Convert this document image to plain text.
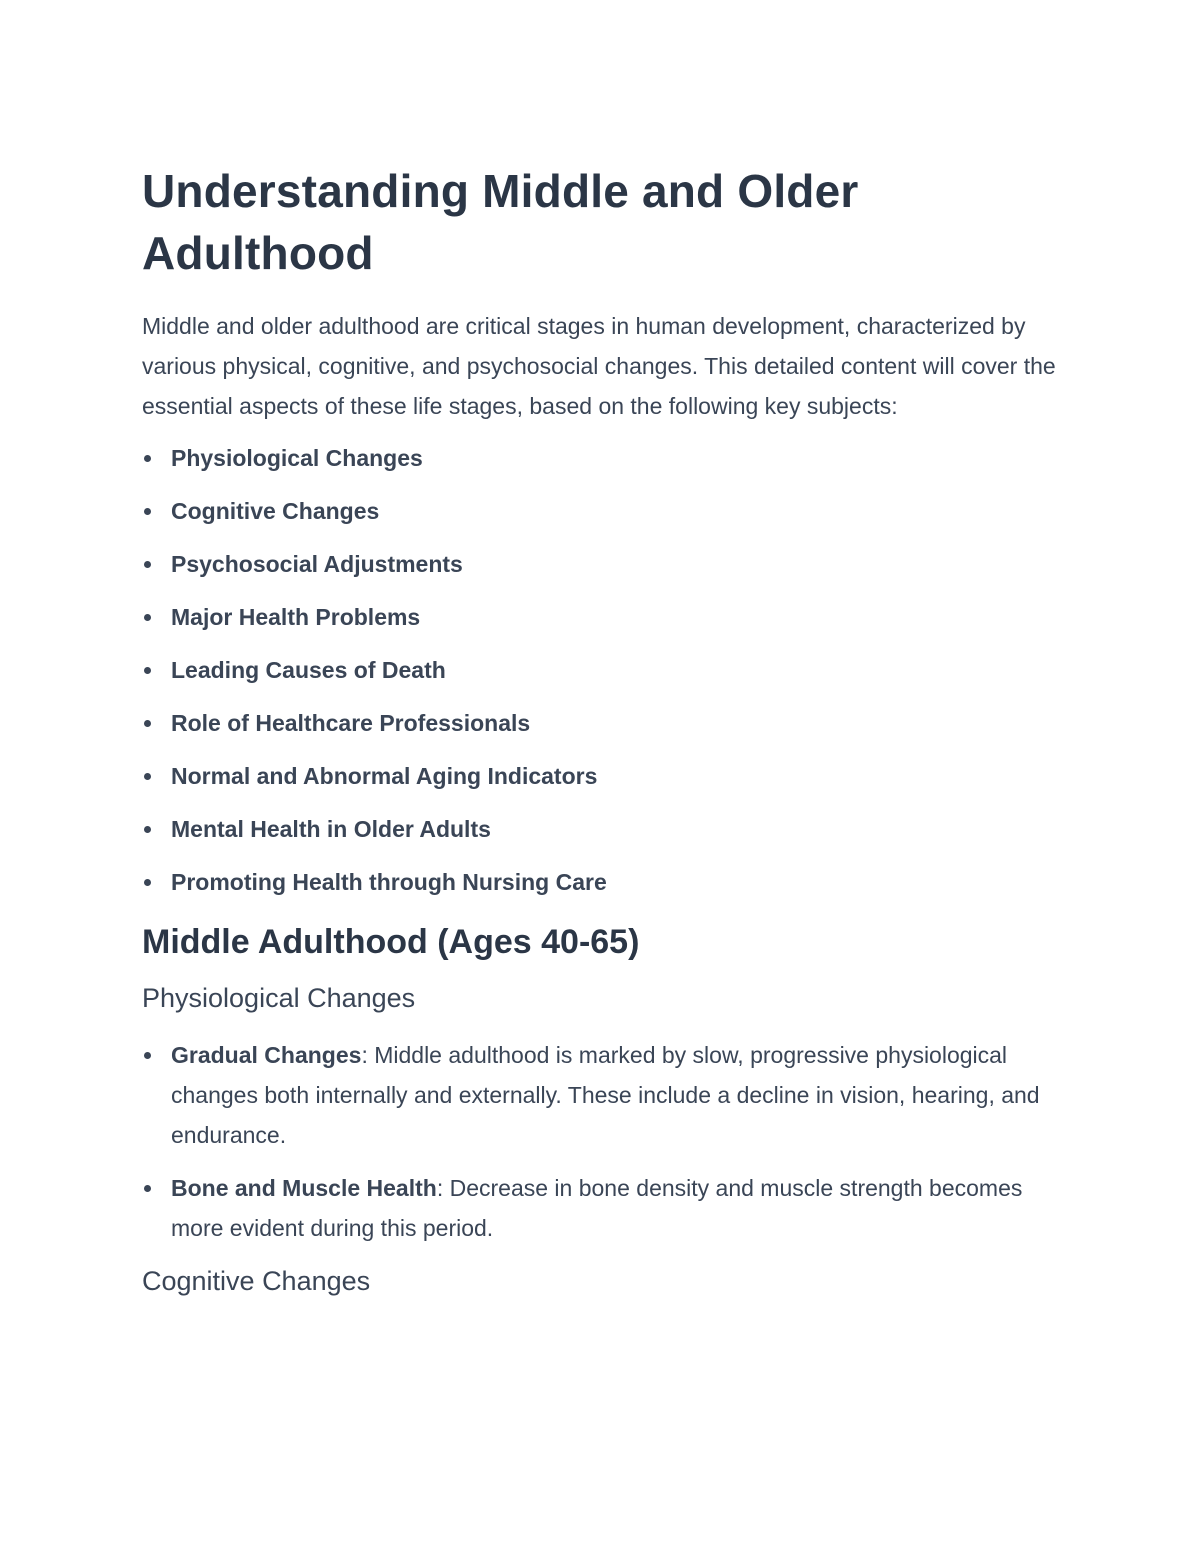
Understanding Middle and Older Adulthood

Middle and older adulthood are critical stages in human development, characterized by various physical, cognitive, and psychosocial changes. This detailed content will cover the essential aspects of these life stages, based on the following key subjects:

Physiological Changes
Cognitive Changes
Psychosocial Adjustments
Major Health Problems
Leading Causes of Death
Role of Healthcare Professionals
Normal and Abnormal Aging Indicators
Mental Health in Older Adults
Promoting Health through Nursing Care
Middle Adulthood (Ages 40-65)
Physiological Changes
Gradual Changes: Middle adulthood is marked by slow, progressive physiological changes both internally and externally. These include a decline in vision, hearing, and endurance.
Bone and Muscle Health: Decrease in bone density and muscle strength becomes more evident during this period.
Cognitive Changes
